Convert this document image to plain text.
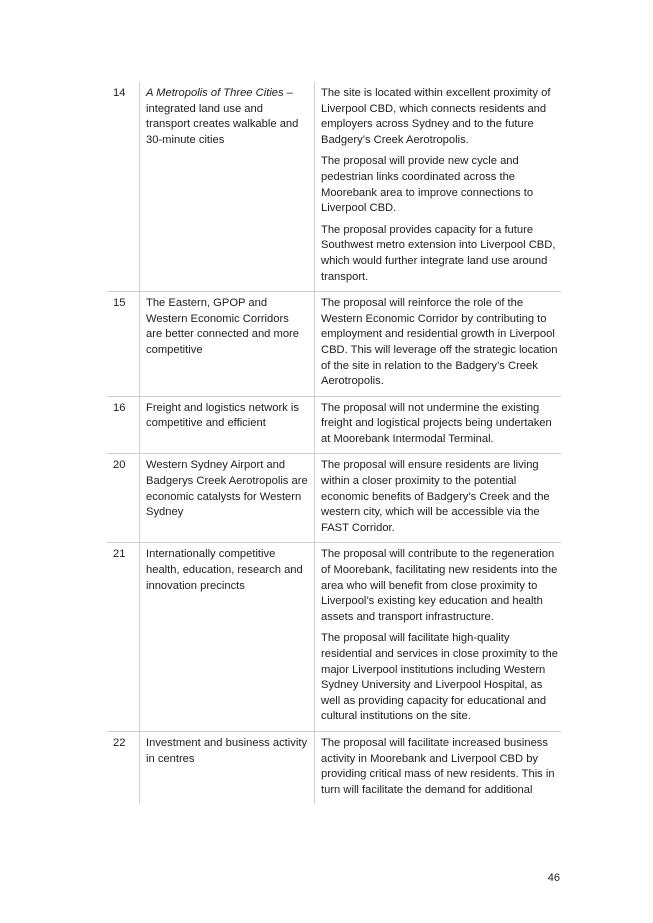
14	A Metropolis of Three Cities – integrated land use and transport creates walkable and 30-minute cities	The site is located within excellent proximity of Liverpool CBD, which connects residents and employers across Sydney and to the future Badgery’s Creek Aerotropolis.

The proposal will provide new cycle and pedestrian links coordinated across the Moorebank area to improve connections to Liverpool CBD.

The proposal provides capacity for a future Southwest metro extension into Liverpool CBD, which would further integrate land use around transport.

15	The Eastern, GPOP and Western Economic Corridors are better connected and more competitive	The proposal will reinforce the role of the Western Economic Corridor by contributing to employment and residential growth in Liverpool CBD. This will leverage off the strategic location of the site in relation to the Badgery’s Creek Aerotropolis.

16	Freight and logistics network is competitive and efficient	The proposal will not undermine the existing freight and logistical projects being undertaken at Moorebank Intermodal Terminal.

20	Western Sydney Airport and Badgerys Creek Aerotropolis are economic catalysts for Western Sydney	The proposal will ensure residents are living within a closer proximity to the potential economic benefits of Badgery’s Creek and the western city, which will be accessible via the FAST Corridor.

21	Internationally competitive health, education, research and innovation precincts	The proposal will contribute to the regeneration of Moorebank, facilitating new residents into the area who will benefit from close proximity to Liverpool’s existing key education and health assets and transport infrastructure.

The proposal will facilitate high-quality residential and services in close proximity to the major Liverpool institutions including Western Sydney University and Liverpool Hospital, as well as providing capacity for educational and cultural institutions on the site.

22	Investment and business activity in centres	The proposal will facilitate increased business activity in Moorebank and Liverpool CBD by providing critical mass of new residents. This in turn will facilitate the demand for additional

46
